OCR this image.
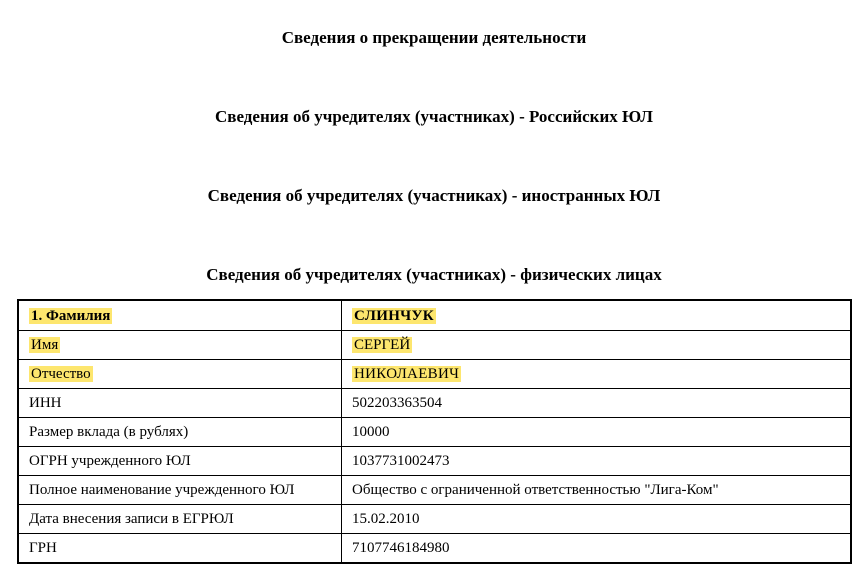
Сведения о прекращении деятельности
Сведения об учредителях (участниках) - Российских ЮЛ
Сведения об учредителях (участниках) - иностранных ЮЛ
Сведения об учредителях (участниках) - физических лицах
1. Фамилия	СЛИНЧУК
Имя	СЕРГЕЙ
Отчество	НИКОЛАЕВИЧ
ИНН	502203363504
Размер вклада (в рублях)	10000
ОГРН учрежденного ЮЛ	1037731002473
Полное наименование учрежденного ЮЛ	Общество с ограниченной ответственностью "Лига-Ком"
Дата внесения записи в ЕГРЮЛ	15.02.2010
ГРН	7107746184980
